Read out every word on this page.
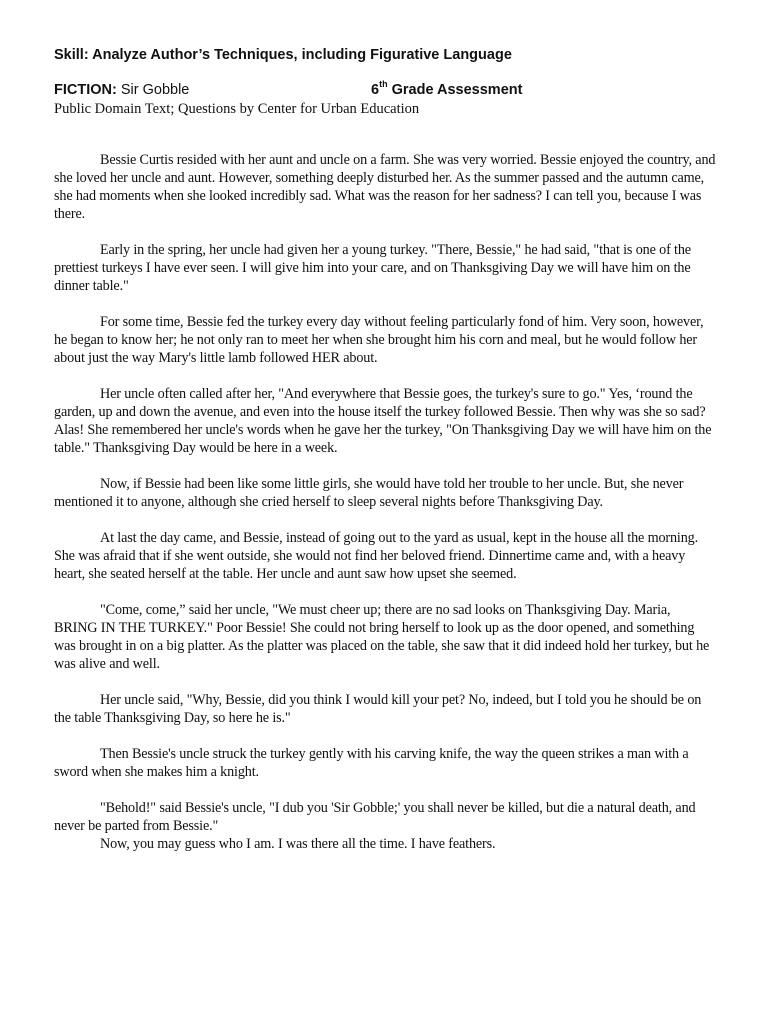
Skill: Analyze Author’s Techniques, including Figurative Language

FICTION: Sir Gobble	6th Grade Assessment

Public Domain Text; Questions by Center for Urban Education

Bessie Curtis resided with her aunt and uncle on a farm. She was very worried. Bessie enjoyed the country, and she loved her uncle and aunt. However, something deeply disturbed her. As the summer passed and the autumn came, she had moments when she looked incredibly sad. What was the reason for her sadness? I can tell you, because I was there.

Early in the spring, her uncle had given her a young turkey. "There, Bessie," he had said, "that is one of the prettiest turkeys I have ever seen. I will give him into your care, and on Thanksgiving Day we will have him on the dinner table."

For some time, Bessie fed the turkey every day without feeling particularly fond of him. Very soon, however, he began to know her; he not only ran to meet her when she brought him his corn and meal, but he would follow her about just the way Mary's little lamb followed HER about.

Her uncle often called after her, "And everywhere that Bessie goes, the turkey's sure to go." Yes, ‘round the garden, up and down the avenue, and even into the house itself the turkey followed Bessie. Then why was she so sad? Alas! She remembered her uncle's words when he gave her the turkey, "On Thanksgiving Day we will have him on the table." Thanksgiving Day would be here in a week.

Now, if Bessie had been like some little girls, she would have told her trouble to her uncle. But, she never mentioned it to anyone, although she cried herself to sleep several nights before Thanksgiving Day.

At last the day came, and Bessie, instead of going out to the yard as usual, kept in the house all the morning. She was afraid that if she went outside, she would not find her beloved friend. Dinnertime came and, with a heavy heart, she seated herself at the table. Her uncle and aunt saw how upset she seemed.

"Come, come,” said her uncle, "We must cheer up; there are no sad looks on Thanksgiving Day. Maria, BRING IN THE TURKEY." Poor Bessie! She could not bring herself to look up as the door opened, and something was brought in on a big platter. As the platter was placed on the table, she saw that it did indeed hold her turkey, but he was alive and well.

Her uncle said, "Why, Bessie, did you think I would kill your pet? No, indeed, but I told you he should be on the table Thanksgiving Day, so here he is."

Then Bessie's uncle struck the turkey gently with his carving knife, the way the queen strikes a man with a sword when she makes him a knight.

"Behold!" said Bessie's uncle, "I dub you 'Sir Gobble;' you shall never be killed, but die a natural death, and never be parted from Bessie."

Now, you may guess who I am. I was there all the time. I have feathers.
